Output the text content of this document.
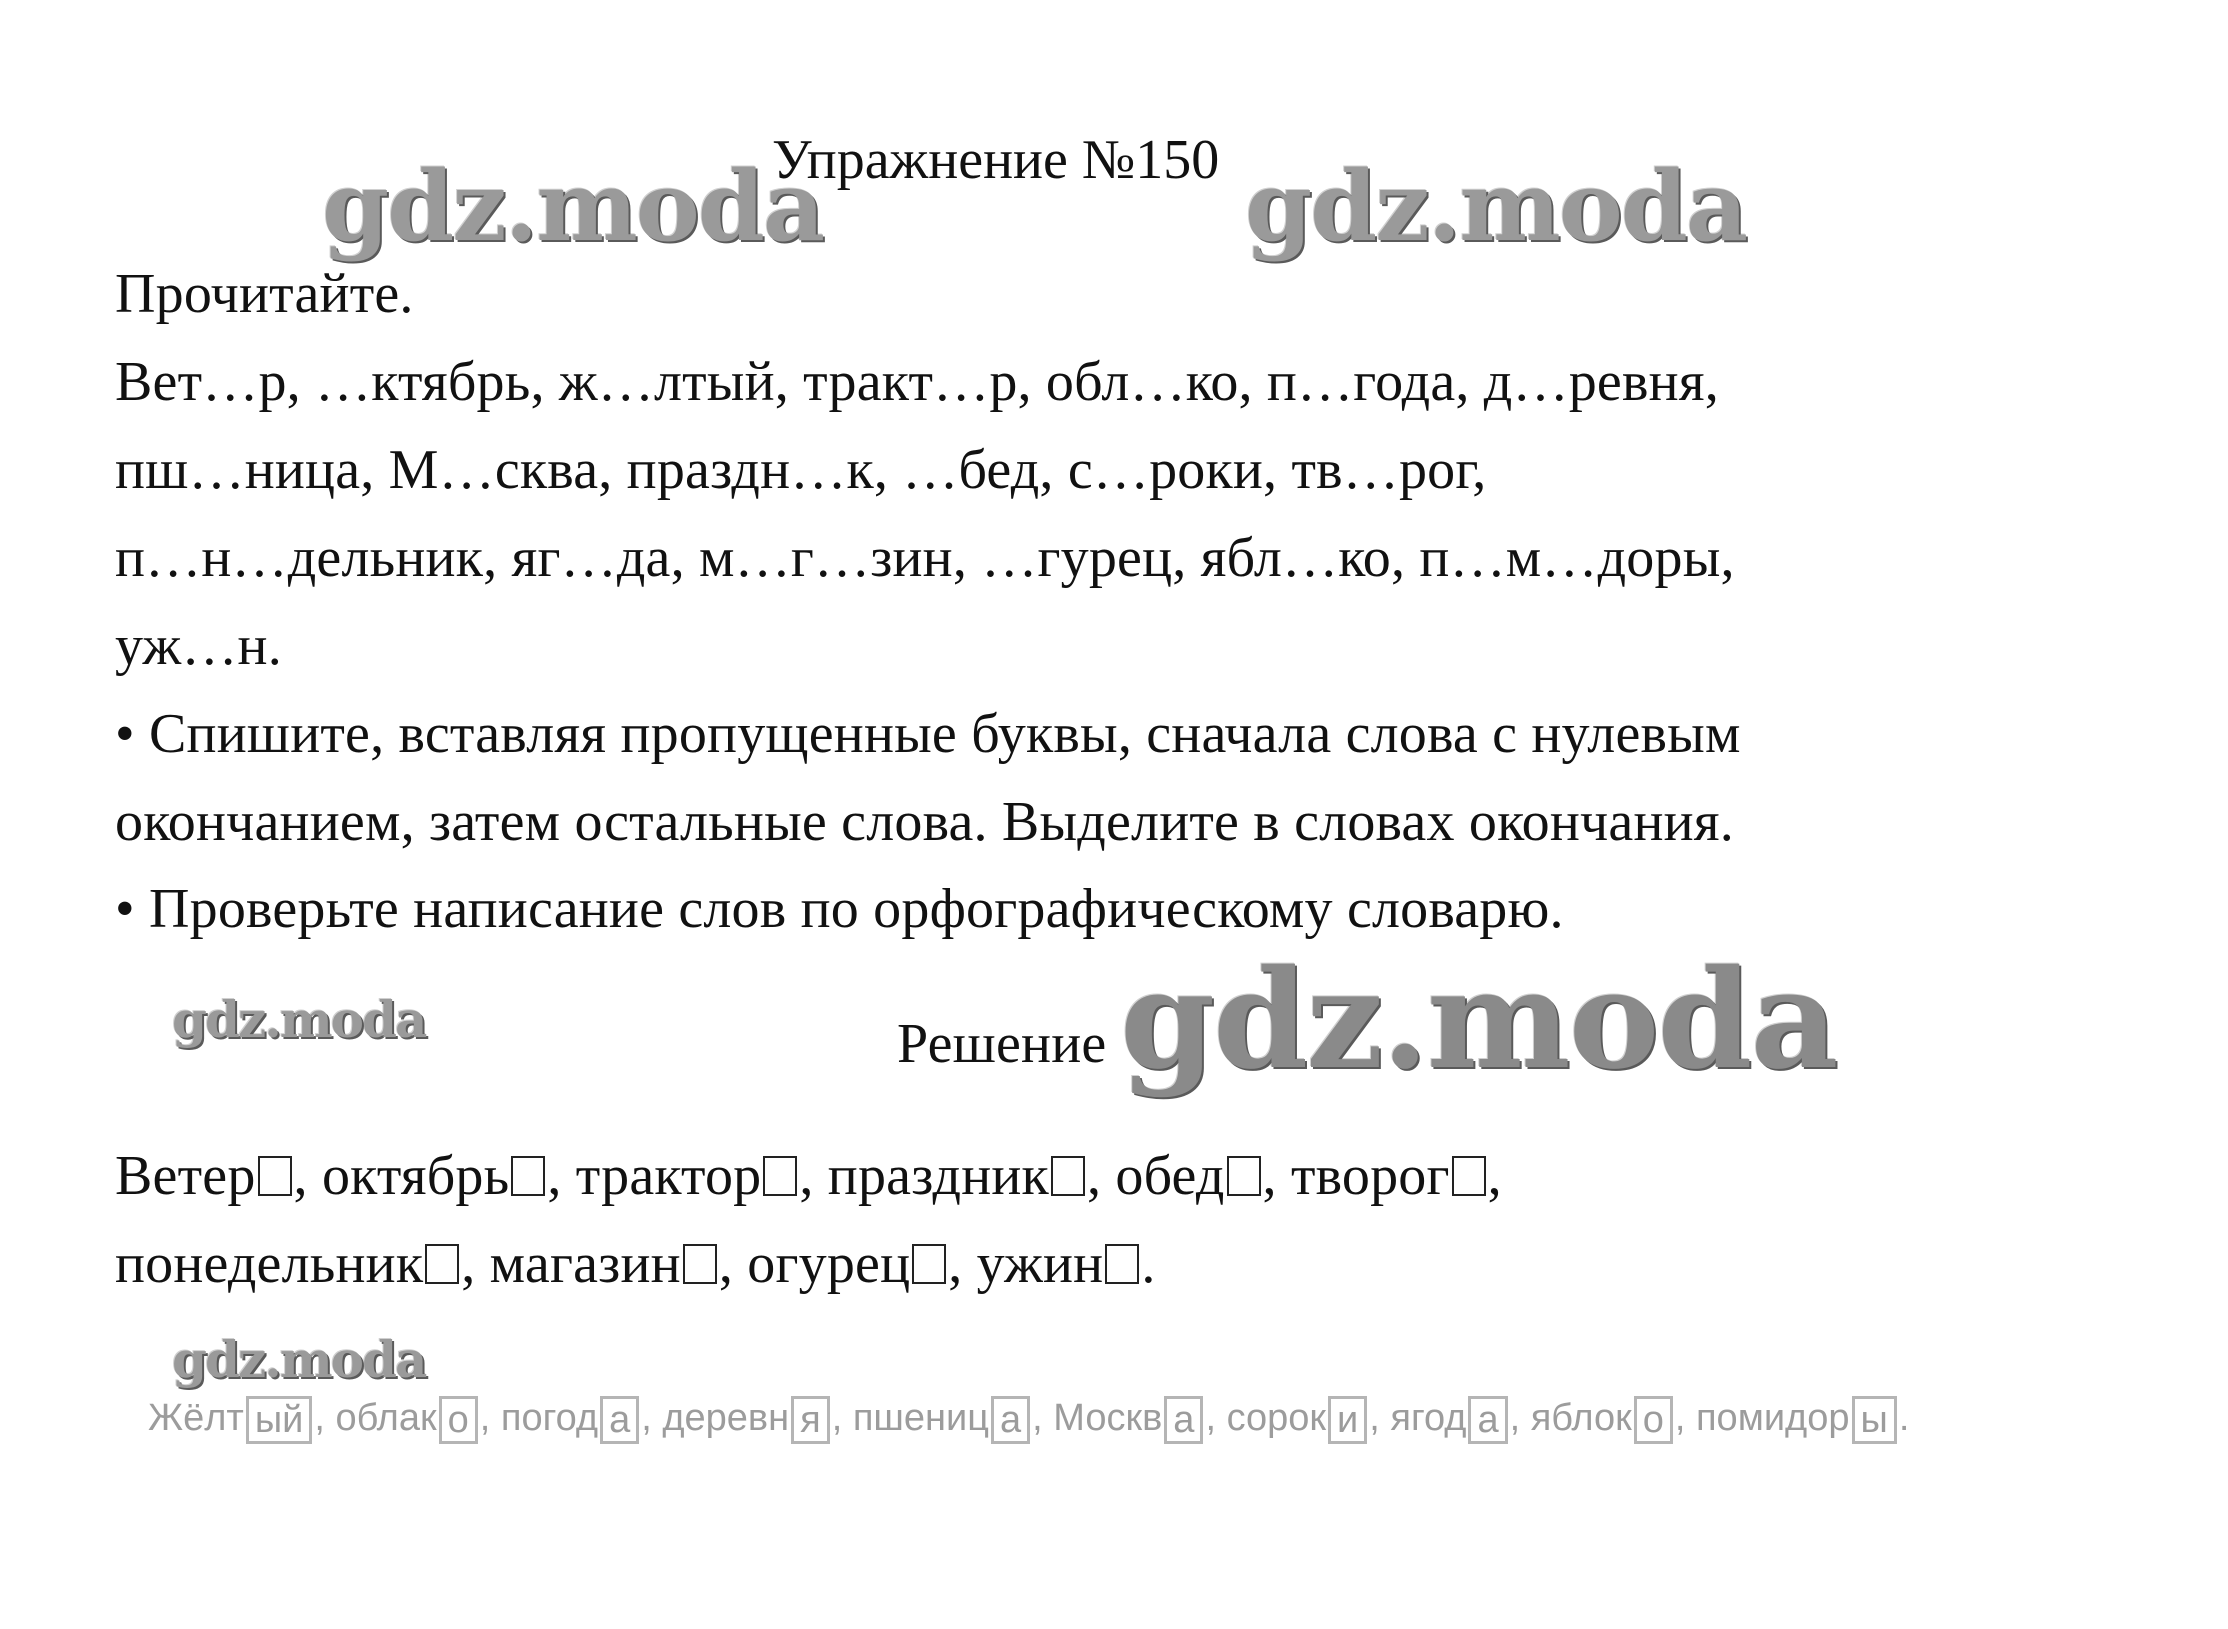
Упражнение №150
gdz.moda	gdz.moda
Прочитайте.
Вет…р, …ктябрь, ж…лтый, тракт…р, обл…ко, п…года, д…ревня,
пш…ница, М…сква, праздн…к, …бед, с…роки, тв…рог,
п…н…дельник, яг…да, м…г…зин, …гурец, ябл…ко, п…м…доры,
уж…н.
• Спишите, вставляя пропущенные буквы, сначала слова с нулевым
окончанием, затем остальные слова. Выделите в словах окончания.
• Проверьте написание слов по орфографическому словарю.
gdz.moda	Решение gdz.moda
Ветер , октябрь , трактор , праздник , обед , творог ,
понедельник , магазин , огурец , ужин .
gdz.moda
Жёлт ый , облак о , погод а , деревн я , пшениц а , Москв а , сорок и , ягод а , яблок о , помидор ы .
